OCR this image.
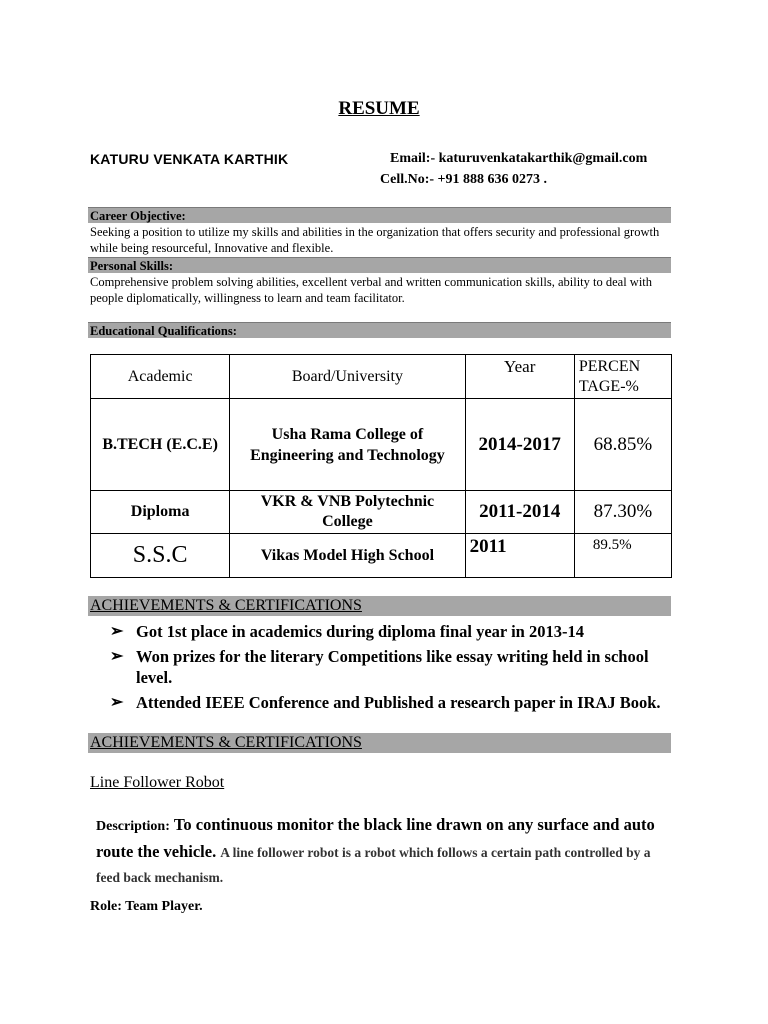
RESUME
KATURU VENKATA KARTHIK	Email:- katuruvenkatakarthik@gmail.com
Cell.No:- +91 888 636 0273 .
Career Objective:
Seeking a position to utilize my skills and abilities in the organization that offers security and professional growth while being resourceful, Innovative and flexible.
Personal Skills:
Comprehensive problem solving abilities, excellent verbal and written communication skills, ability to deal with people diplomatically, willingness to learn and team facilitator.
Educational Qualifications:
Academic	Board/University	Year	PERCEN TAGE-%
B.TECH (E.C.E)	Usha Rama College of Engineering and Technology	2014-2017	68.85%
Diploma	VKR & VNB Polytechnic College	2011-2014	87.30%
S.S.C	Vikas Model High School	2011	89.5%
ACHIEVEMENTS & CERTIFICATIONS
➢ Got 1st place in academics during diploma final year in 2013-14
➢ Won prizes for the literary Competitions like essay writing held in school level.
➢ Attended IEEE Conference and Published a research paper in IRAJ Book.
ACHIEVEMENTS & CERTIFICATIONS
Line Follower Robot
Description: To continuous monitor the black line drawn on any surface and auto route the vehicle. A line follower robot is a robot which follows a certain path controlled by a feed back mechanism.
Role: Team Player.
